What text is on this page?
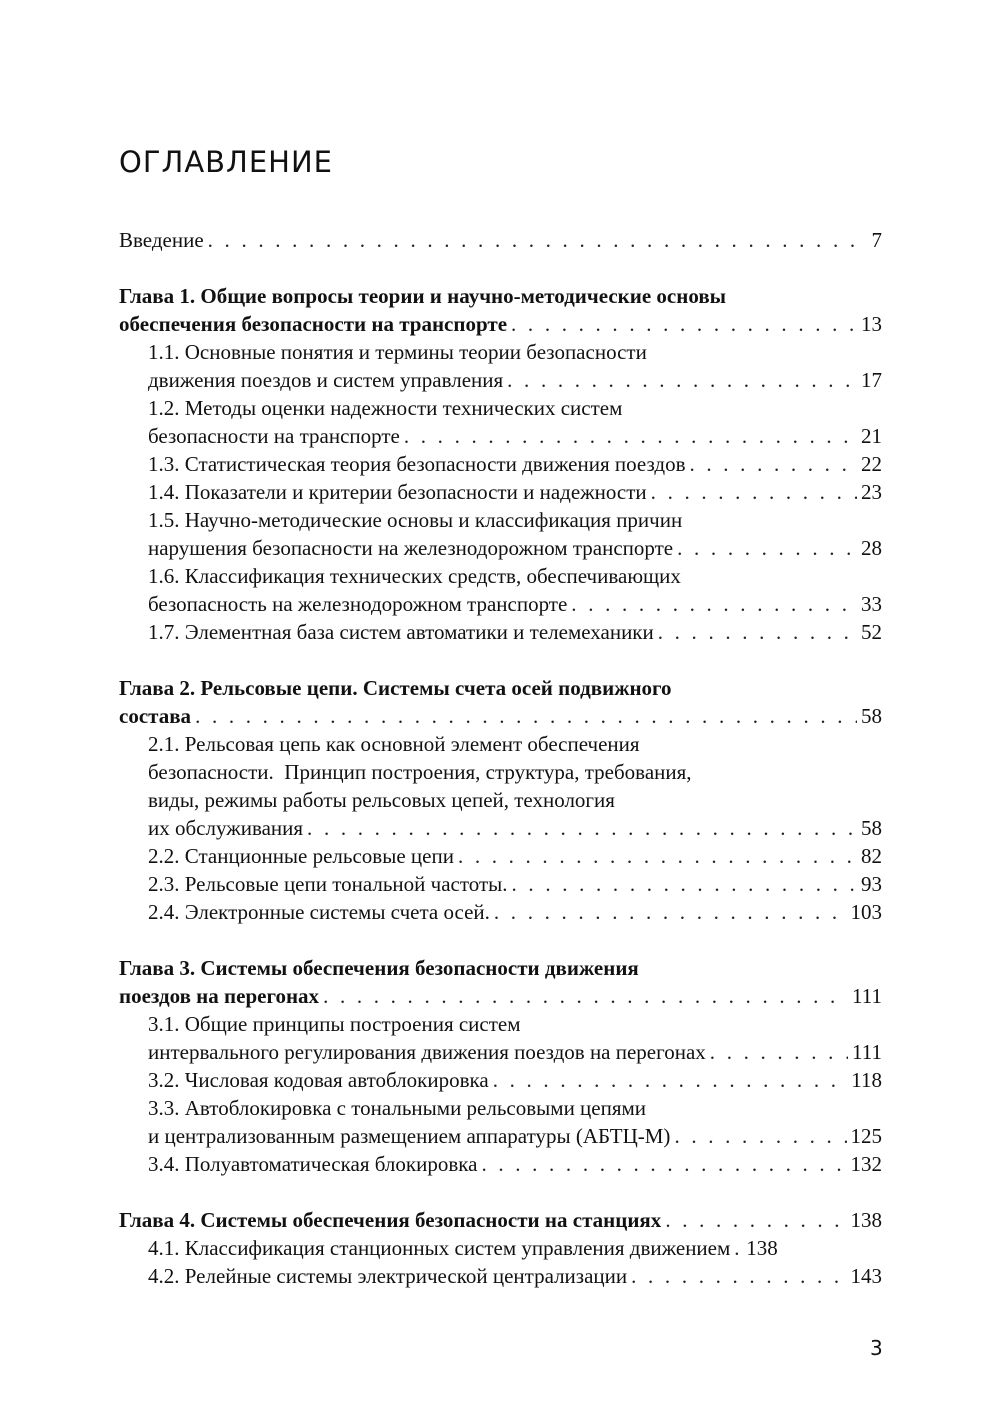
ОГЛАВЛЕНИЕ
Введение . . .	7
Глава 1. Общие вопросы теории и научно-методические основы
обеспечения безопасности на транспорте . . .	13
1.1. Основные понятия и термины теории безопасности
движения поездов и систем управления . . .	17
1.2. Методы оценки надежности технических систем
безопасности на транспорте . . .	21
1.3. Статистическая теория безопасности движения поездов . . .	22
1.4. Показатели и критерии безопасности и надежности . . .	23
1.5. Научно-методические основы и классификация причин
нарушения безопасности на железнодорожном транспорте . . .	28
1.6. Классификация технических средств, обеспечивающих
безопасность на железнодорожном транспорте . . .	33
1.7. Элементная база систем автоматики и телемеханики . . .	52
Глава 2. Рельсовые цепи. Системы счета осей подвижного
состава . . .	58
2.1. Рельсовая цепь как основной элемент обеспечения
безопасности.  Принцип построения, структура, требования,
виды, режимы работы рельсовых цепей, технология
их обслуживания . . .	58
2.2. Станционные рельсовые цепи . . .	82
2.3. Рельсовые цепи тональной частоты. . . .	93
2.4. Электронные системы счета осей. . . .	103
Глава 3. Системы обеспечения безопасности движения
поездов на перегонах . . .	111
3.1. Общие принципы построения систем
интервального регулирования движения поездов на перегонах . . .	111
3.2. Числовая кодовая автоблокировка . . .	118
3.3. Автоблокировка с тональными рельсовыми цепями
и централизованным размещением аппаратуры (АБТЦ-М) . . .	125
3.4. Полуавтоматическая блокировка . . .	132
Глава 4. Системы обеспечения безопасности на станциях . . .	138
4.1. Классификация станционных систем управления движением . . . 138
4.2. Релейные системы электрической централизации . . .	143
3
